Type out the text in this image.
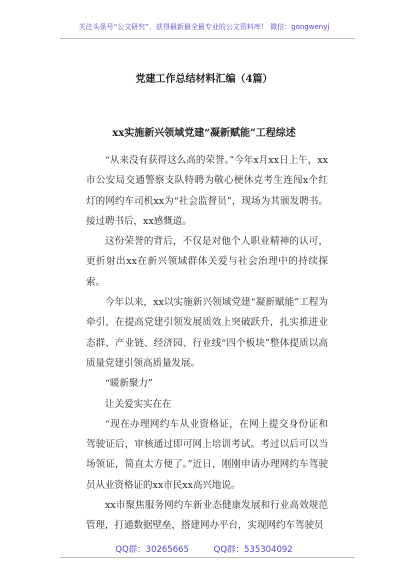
关注头条号“公文研究”，获得最新最全最专业的公文资料库！ 微信：gongwenyj
党建工作总结材料汇编（4篇）
xx实施新兴领域党建“凝新赋能”工程综述

“从来没有获得这么高的荣誉。”今年x月xx日上午，xx市公安局交通警察支队特聘为敬心梗休克考生连闯x个红灯的网约车司机xx为“社会监督员”，现场为其颁发聘书。接过聘书后，xx感慨道。

这份荣誉的背后，不仅是对他个人职业精神的认可，更折射出xx在新兴领域群体关爱与社会治理中的持续探索。

今年以来，xx以实施新兴领域党建“凝新赋能”工程为牵引，在提高党建引领发展质效上突破跃升，扎实推进业态群、产业链、经济园、行业线“四个板块”整体提质以高质量党建引领高质量发展。

“暖新聚力”

让关爱实实在在

“现在办理网约车从业资格证，在网上提交身份证和驾驶证后，审核通过即可网上培训考试。考过以后可以当场领证，简直太方便了。”近日，刚刚申请办理网约车驾驶员从业资格证的xx市民xx高兴地说。

xx市聚焦服务网约车新业态健康发展和行业高效规范管理，打通数据壁垒，搭建网办平台，实现网约车驾驶员

QQ群：30265665	QQ群：535304092
